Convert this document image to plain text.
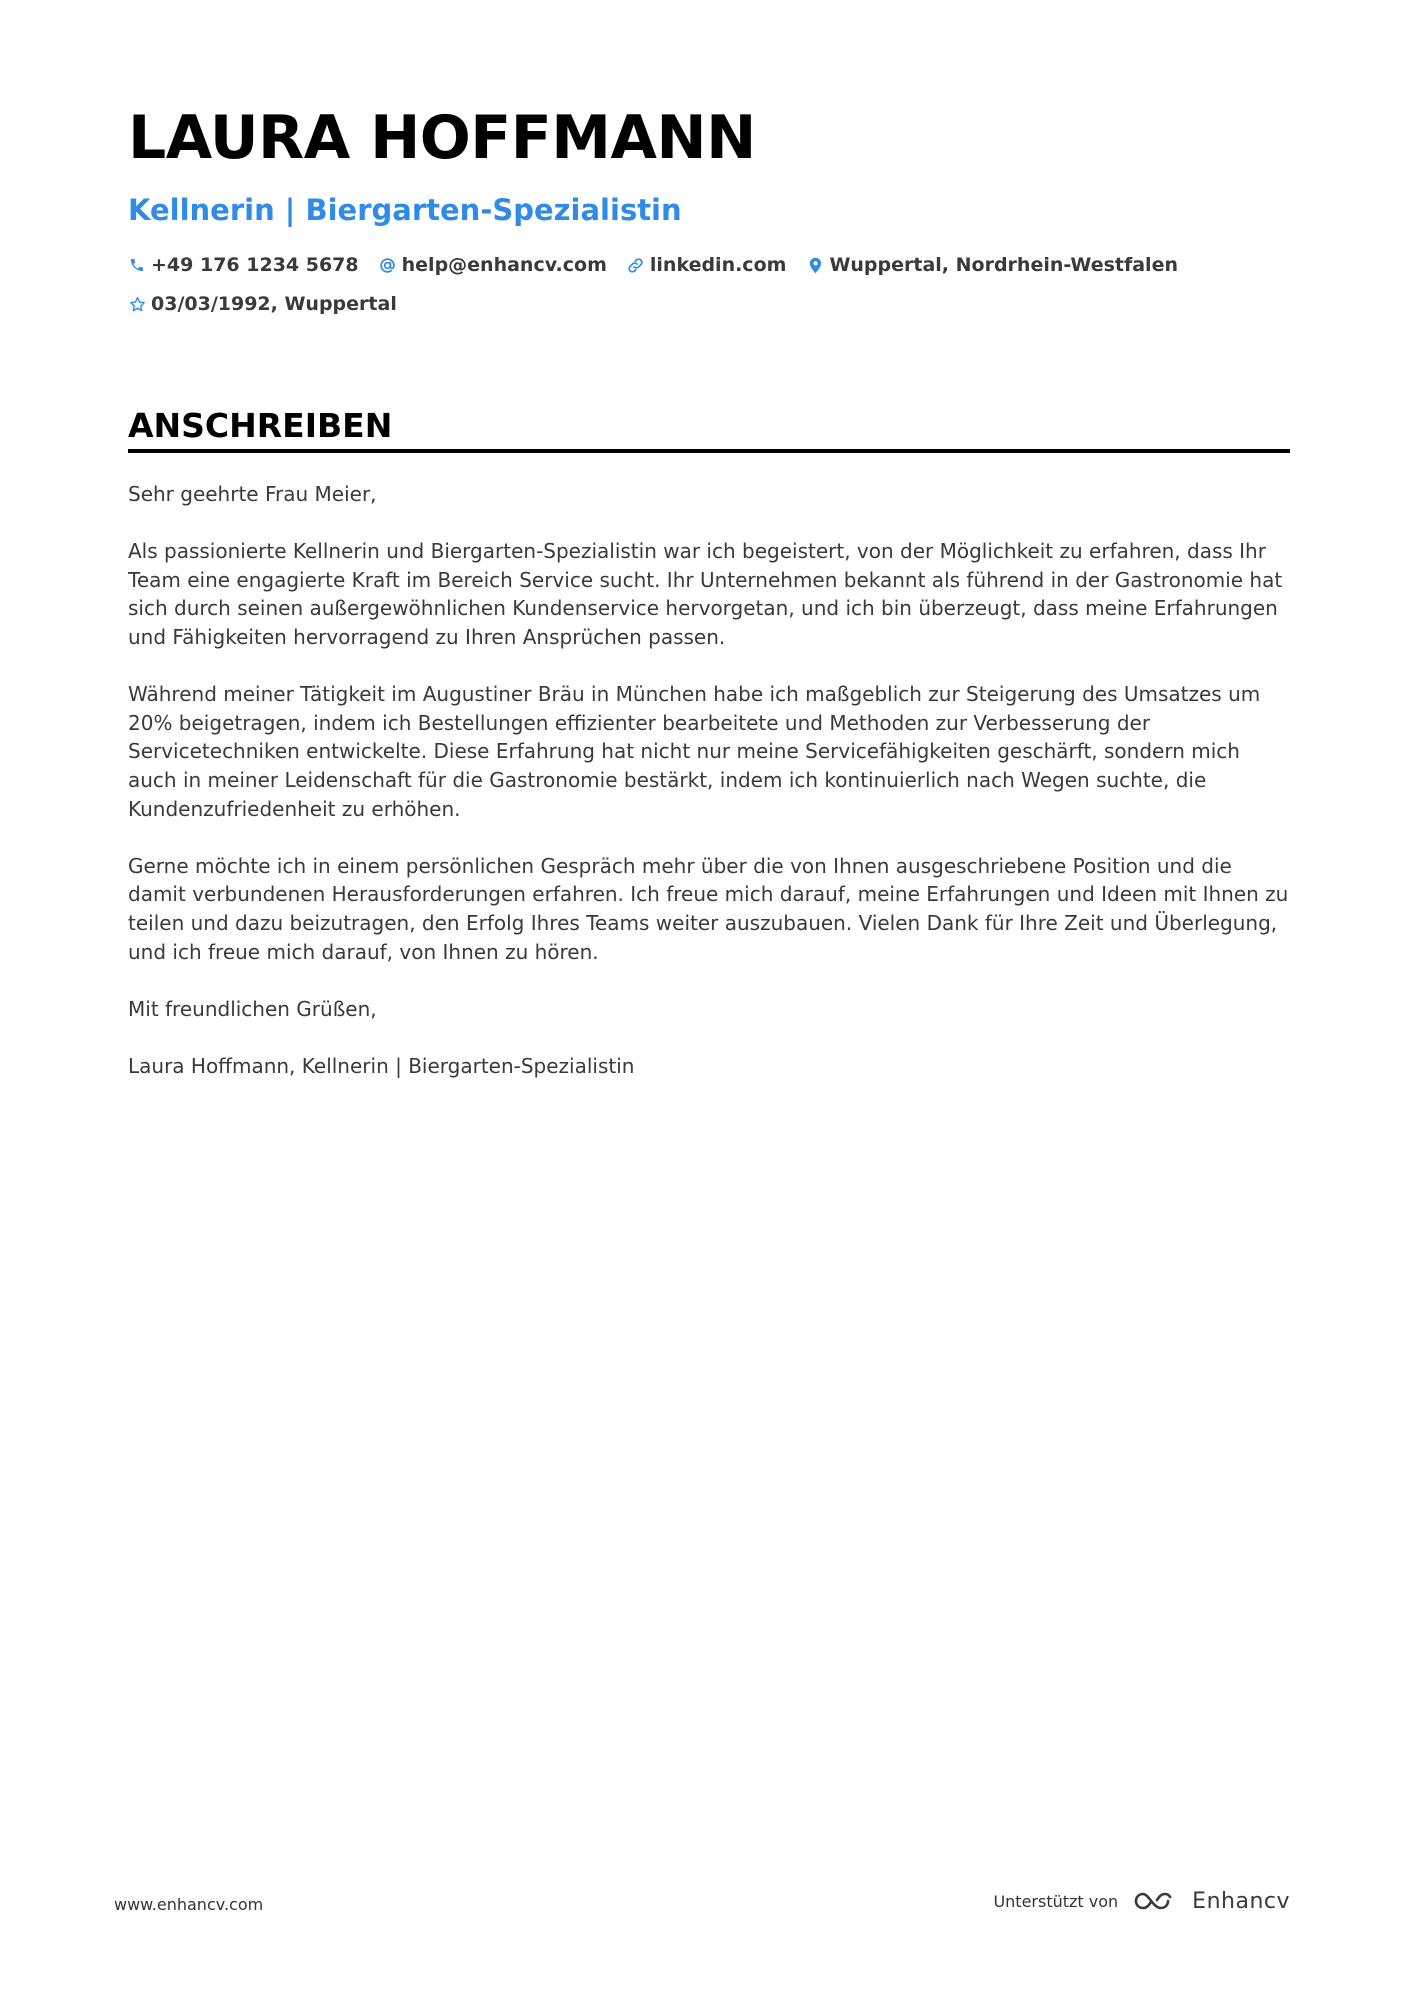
LAURA HOFFMANN
Kellnerin | Biergarten-Spezialistin
+49 176 1234 5678 help@enhancv.com linkedin.com Wuppertal, Nordrhein-Westfalen
03/03/1992, Wuppertal
ANSCHREIBEN

Sehr geehrte Frau Meier,

Als passionierte Kellnerin und Biergarten-Spezialistin war ich begeistert, von der Möglichkeit zu erfahren, dass Ihr Team eine engagierte Kraft im Bereich Service sucht. Ihr Unternehmen bekannt als führend in der Gastronomie hat sich durch seinen außergewöhnlichen Kundenservice hervorgetan, und ich bin überzeugt, dass meine Erfahrungen und Fähigkeiten hervorragend zu Ihren Ansprüchen passen.

Während meiner Tätigkeit im Augustiner Bräu in München habe ich maßgeblich zur Steigerung des Umsatzes um 20% beigetragen, indem ich Bestellungen effizienter bearbeitete und Methoden zur Verbesserung der Servicetechniken entwickelte. Diese Erfahrung hat nicht nur meine Servicefähigkeiten geschärft, sondern mich auch in meiner Leidenschaft für die Gastronomie bestärkt, indem ich kontinuierlich nach Wegen suchte, die Kundenzufriedenheit zu erhöhen.

Gerne möchte ich in einem persönlichen Gespräch mehr über die von Ihnen ausgeschriebene Position und die damit verbundenen Herausforderungen erfahren. Ich freue mich darauf, meine Erfahrungen und Ideen mit Ihnen zu teilen und dazu beizutragen, den Erfolg Ihres Teams weiter auszubauen. Vielen Dank für Ihre Zeit und Überlegung, und ich freue mich darauf, von Ihnen zu hören.

Mit freundlichen Grüßen,

Laura Hoffmann, Kellnerin | Biergarten-Spezialistin

www.enhancv.com	Unterstützt von	Enhancv
